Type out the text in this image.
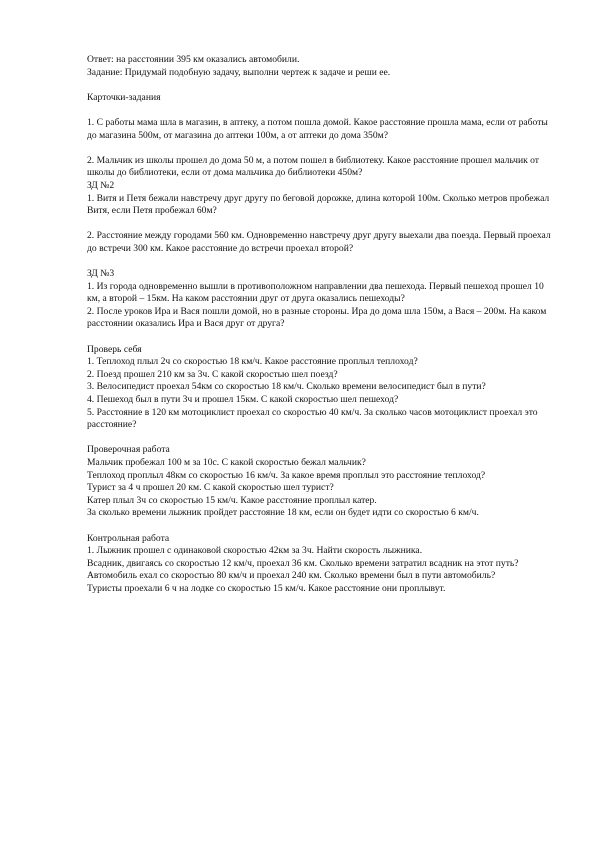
Ответ: на расстоянии 395 км оказались автомобили.
Задание: Придумай подобную задачу, выполни чертеж к задаче и реши ее.
Карточки-задания
1. С работы мама шла в магазин, в аптеку, а потом пошла домой. Какое расстояние прошла мама, если от работы до магазина 500м, от магазина до аптеки 100м, а от аптеки до дома 350м?
2. Мальчик из школы прошел до дома 50 м, а потом пошел в библиотеку. Какое расстояние прошел мальчик от школы до библиотеки, если от дома мальчика до библиотеки 450м?
ЗД №2
1. Витя и Петя бежали навстречу друг другу по беговой дорожке, длина которой 100м. Сколько метров пробежал Витя, если Петя пробежал 60м?
2. Расстояние между городами 560 км. Одновременно навстречу друг другу выехали два поезда. Первый проехал до встречи 300 км. Какое расстояние до встречи проехал второй?
ЗД №3
1. Из города одновременно вышли в противоположном направлении два пешехода. Первый пешеход прошел 10 км, а второй – 15км. На каком расстоянии друг от друга оказались пешеходы?
2. После уроков Ира и Вася пошли домой, но в разные стороны. Ира до дома шла 150м, а Вася – 200м. На каком расстоянии оказались Ира и Вася друг от друга?
Проверь себя
1. Теплоход плыл 2ч со скоростью 18 км/ч. Какое расстояние проплыл теплоход?
2. Поезд прошел 210 км за 3ч. С какой скоростью шел поезд?
3. Велосипедист проехал 54км со скоростью 18 км/ч. Сколько времени велосипедист был в пути?
4. Пешеход был в пути 3ч и прошел 15км. С какой скоростью шел пешеход?
5. Расстояние в 120 км мотоциклист проехал со скоростью 40 км/ч. За сколько часов мотоциклист проехал это расстояние?
Проверочная работа
Мальчик пробежал 100 м за 10с. С какой скоростью бежал мальчик?
Теплоход проплыл 48км со скоростью 16 км/ч. За какое время проплыл это расстояние теплоход?
Турист за 4 ч прошел 20 км. С какой скоростью шел турист?
Катер плыл 3ч со скоростью 15 км/ч. Какое расстояние проплыл катер.
За сколько времени лыжник пройдет расстояние 18 км, если он будет идти со скоростью 6 км/ч.
Контрольная работа
1. Лыжник прошел с одинаковой скоростью 42км за 3ч. Найти скорость лыжника.
Всадник, двигаясь со скоростью 12 км/ч, проехал 36 км. Сколько времени затратил всадник на этот путь?
Автомобиль ехал со скоростью 80 км/ч и проехал 240 км. Сколько времени был в пути автомобиль?
Туристы проехали 6 ч на лодке со скоростью 15 км/ч. Какое расстояние они проплывут.
